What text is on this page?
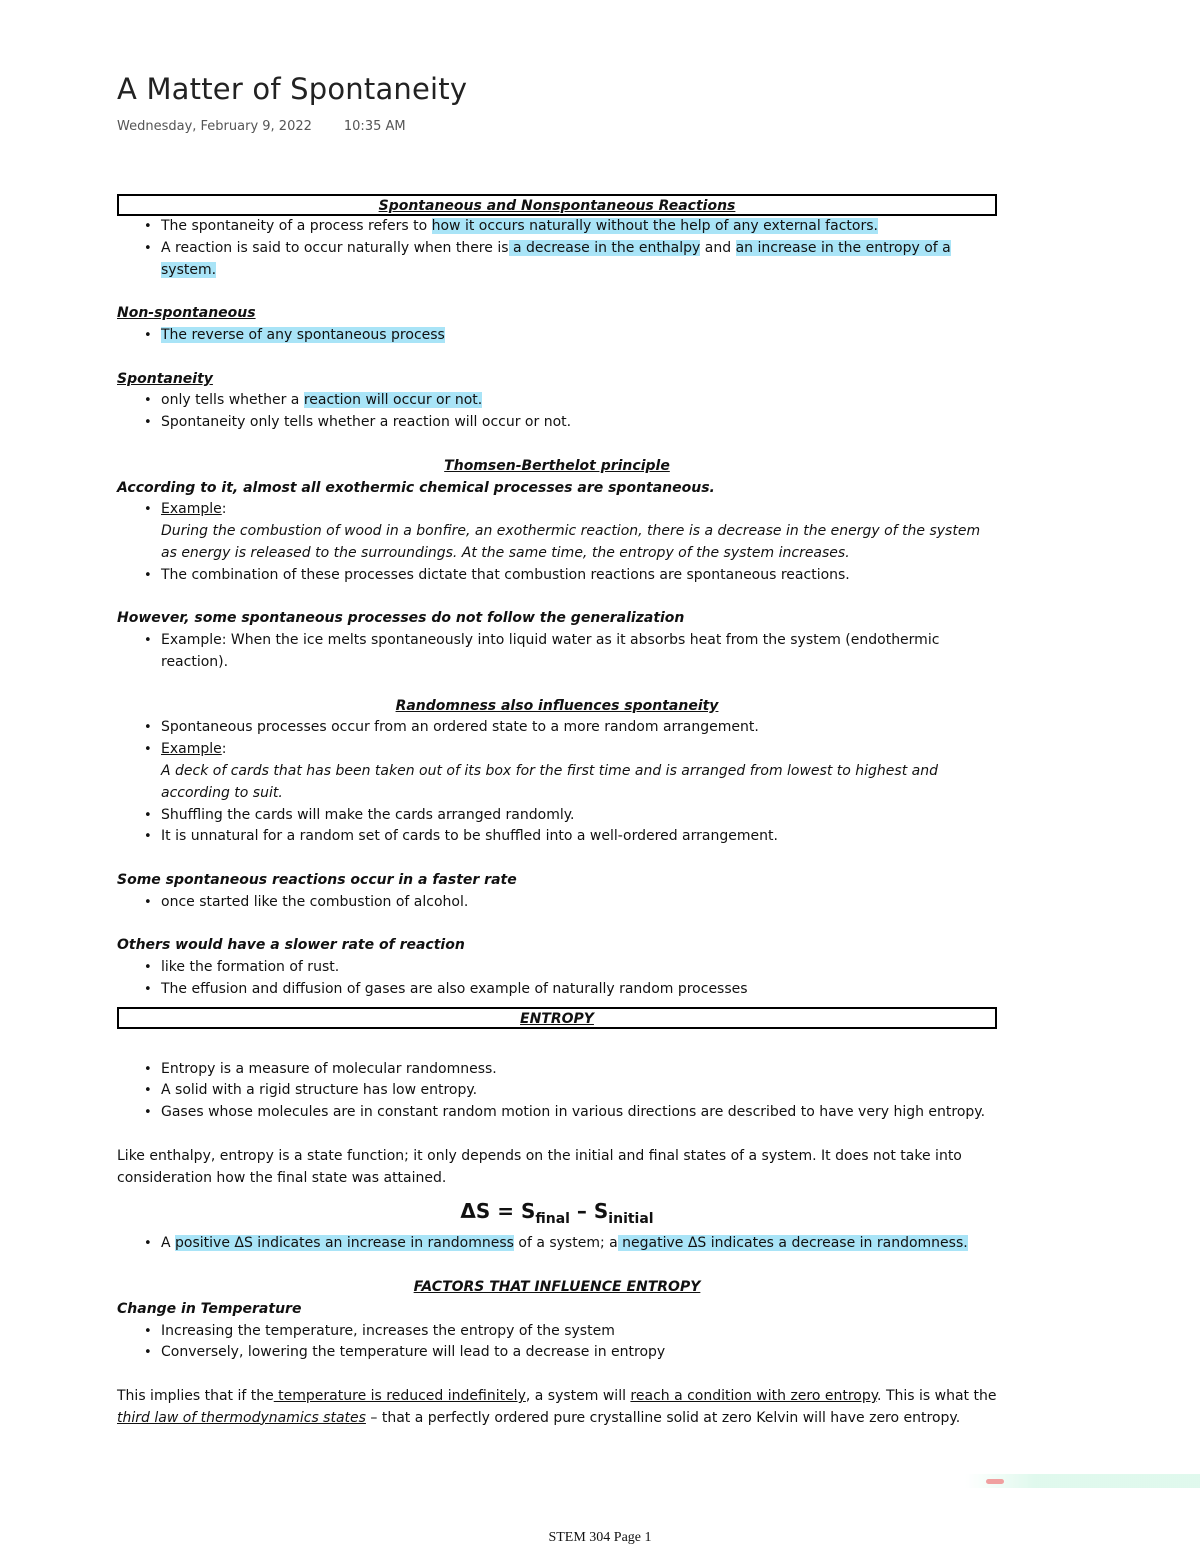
A Matter of Spontaneity
Wednesday, February 9, 2022 10:35 AM
Spontaneous and Nonspontaneous Reactions
• The spontaneity of a process refers to how it occurs naturally without the help of any external factors.
• A reaction is said to occur naturally when there is a decrease in the enthalpy and an increase in the entropy of a system.
Non-spontaneous
• The reverse of any spontaneous process
Spontaneity
• only tells whether a reaction will occur or not.
• Spontaneity only tells whether a reaction will occur or not.
Thomsen-Berthelot principle
According to it, almost all exothermic chemical processes are spontaneous.
• Example:
During the combustion of wood in a bonfire, an exothermic reaction, there is a decrease in the energy of the system as energy is released to the surroundings. At the same time, the entropy of the system increases.
• The combination of these processes dictate that combustion reactions are spontaneous reactions.
However, some spontaneous processes do not follow the generalization
• Example: When the ice melts spontaneously into liquid water as it absorbs heat from the system (endothermic reaction).
Randomness also influences spontaneity
• Spontaneous processes occur from an ordered state to a more random arrangement.
• Example:
A deck of cards that has been taken out of its box for the first time and is arranged from lowest to highest and according to suit.
• Shuffling the cards will make the cards arranged randomly.
• It is unnatural for a random set of cards to be shuffled into a well-ordered arrangement.
Some spontaneous reactions occur in a faster rate
• once started like the combustion of alcohol.
Others would have a slower rate of reaction
• like the formation of rust.
• The effusion and diffusion of gases are also example of naturally random processes
ENTROPY
• Entropy is a measure of molecular randomness.
• A solid with a rigid structure has low entropy.
• Gases whose molecules are in constant random motion in various directions are described to have very high entropy.
Like enthalpy, entropy is a state function; it only depends on the initial and final states of a system. It does not take into consideration how the final state was attained.
$\Delta S = S_{final} - S_{initial}$
• A positive ΔS indicates an increase in randomness of a system; a negative ΔS indicates a decrease in randomness.
FACTORS THAT INFLUENCE ENTROPY
Change in Temperature
• Increasing the temperature, increases the entropy of the system
• Conversely, lowering the temperature will lead to a decrease in entropy
This implies that if the temperature is reduced indefinitely, a system will reach a condition with zero entropy. This is what the third law of thermodynamics states – that a perfectly ordered pure crystalline solid at zero Kelvin will have zero entropy.
STEM 304 Page 1
